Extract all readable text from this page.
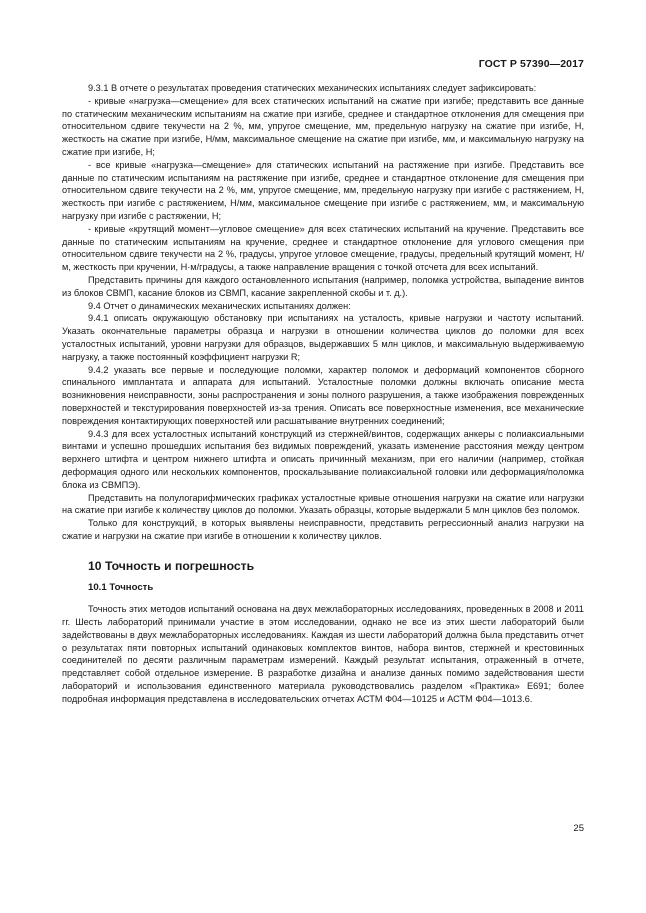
ГОСТ Р 57390—2017

9.3.1 В отчете о результатах проведения статических механических испытаниях следует зафиксировать:

- кривые «нагрузка—смещение» для всех статических испытаний на сжатие при изгибе; представить все данные по статическим механическим испытаниям на сжатие при изгибе, среднее и стандартное отклонения для смещения при относительном сдвиге текучести на 2 %, мм, упругое смещение, мм, предельную нагрузку на сжатие при изгибе, Н, жесткость на сжатие при изгибе, Н/мм, максимальное смещение на сжатие при изгибе, мм, и максимальную нагрузку на сжатие при изгибе, Н;

- все кривые «нагрузка—смещение» для статических испытаний на растяжение при изгибе. Представить все данные по статическим испытаниям на растяжение при изгибе, среднее и стандартное отклонение для смещения при относительном сдвиге текучести на 2 %, мм, упругое смещение, мм, предельную нагрузку при изгибе с растяжением, Н, жесткость при изгибе с растяжением, Н/мм, максимальное смещение при изгибе с растяжением, мм, и максимальную нагрузку при изгибе с растяжении, Н;

- кривые «крутящий момент—угловое смещение» для всех статических испытаний на кручение. Представить все данные по статическим испытаниям на кручение, среднее и стандартное отклонение для углового смещения при относительном сдвиге текучести на 2 %, градусы, упругое угловое смещение, градусы, предельный крутящий момент, Н/м, жесткость при кручении, Н·м/градусы, а также направление вращения с точкой отсчета для всех испытаний.

Представить причины для каждого остановленного испытания (например, поломка устройства, выпадение винтов из блоков СВМП, касание блоков из СВМП, касание закрепленной скобы и т. д.).

9.4 Отчет о динамических механических испытаниях должен:

9.4.1 описать окружающую обстановку при испытаниях на усталость, кривые нагрузки и частоту испытаний. Указать окончательные параметры образца и нагрузки в отношении количества циклов до поломки для всех усталостных испытаний, уровни нагрузки для образцов, выдержавших 5 млн циклов, и максимальную выдерживаемую нагрузку, а также постоянный коэффициент нагрузки R;

9.4.2 указать все первые и последующие поломки, характер поломок и деформаций компонентов сборного спинального имплантата и аппарата для испытаний. Усталостные поломки должны включать описание места возникновения неисправности, зоны распространения и зоны полного разрушения, а также изображения поврежденных поверхностей и текстурирования поверхностей из-за трения. Описать все поверхностные изменения, все механические повреждения контактирующих поверхностей или расшатывание внутренних соединений;

9.4.3 для всех усталостных испытаний конструкций из стержней/винтов, содержащих анкеры с полиаксиальными винтами и успешно прошедших испытания без видимых повреждений, указать изменение расстояния между центром верхнего штифта и центром нижнего штифта и описать причинный механизм, при его наличии (например, стойкая деформация одного или нескольких компонентов, проскальзывание полиаксиальной головки или деформация/поломка блока из СВМПЭ).

Представить на полулогарифмических графиках усталостные кривые отношения нагрузки на сжатие или нагрузки на сжатие при изгибе к количеству циклов до поломки. Указать образцы, которые выдержали 5 млн циклов без поломок.

Только для конструкций, в которых выявлены неисправности, представить регрессионный анализ нагрузки на сжатие и нагрузки на сжатие при изгибе в отношении к количеству циклов.

10 Точность и погрешность
10.1 Точность

Точность этих методов испытаний основана на двух межлабораторных исследованиях, проведенных в 2008 и 2011 гг. Шесть лабораторий принимали участие в этом исследовании, однако не все из этих шести лабораторий были задействованы в двух межлабораторных исследованиях. Каждая из шести лабораторий должна была представить отчет о результатах пяти повторных испытаний одинаковых комплектов винтов, набора винтов, стержней и крестовинных соединителей по десяти различным параметрам измерений. Каждый результат испытания, отраженный в отчете, представляет собой отдельное измерение. В разработке дизайна и анализе данных помимо задействования шести лабораторий и использования единственного материала руководствовались разделом «Практика» E691; более подробная информация представлена в исследовательских отчетах АСТМ Ф04—10125 и АСТМ Ф04—1013.6.

25
